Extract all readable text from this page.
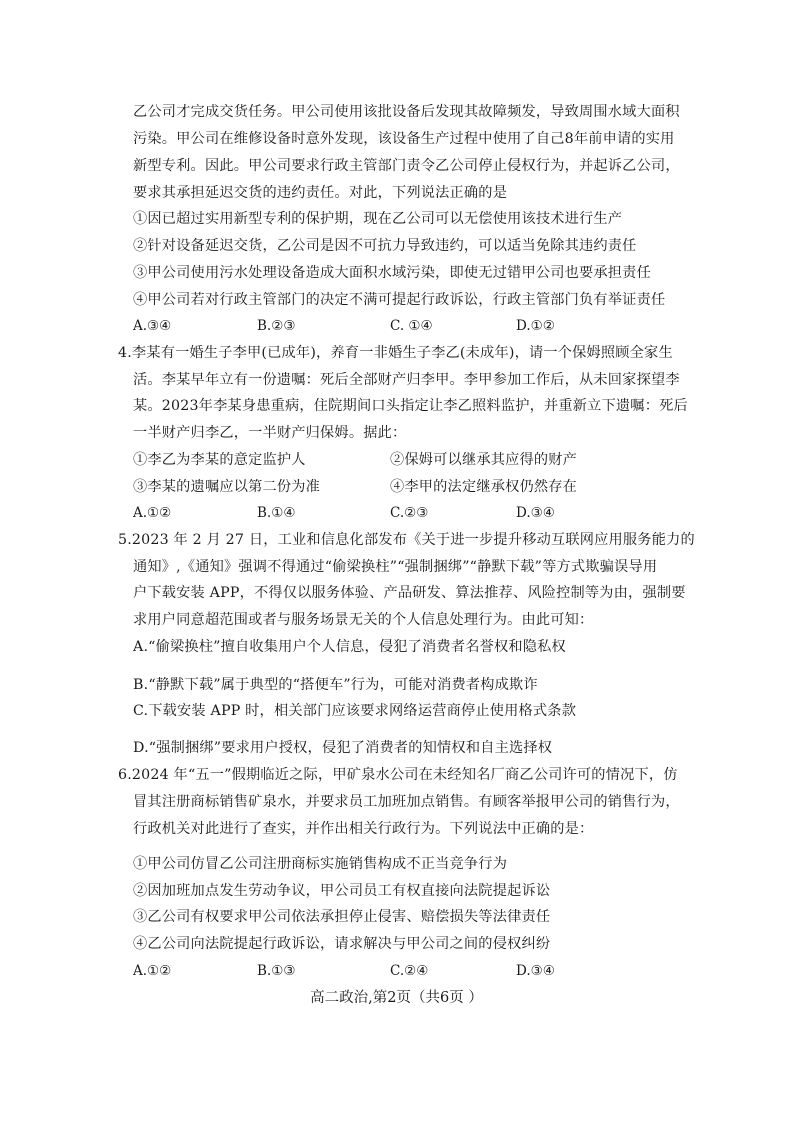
乙公司才完成交货任务。甲公司使用该批设备后发现其故障频发，导致周围水域大面积
污染。甲公司在维修设备时意外发现，该设备生产过程中使用了自己8年前申请的实用
新型专利。因此。甲公司要求行政主管部门责令乙公司停止侵权行为，并起诉乙公司，
要求其承担延迟交货的违约责任。对此，下列说法正确的是
①因已超过实用新型专利的保护期，现在乙公司可以无偿使用该技术进行生产
②针对设备延迟交货，乙公司是因不可抗力导致违约，可以适当免除其违约责任
③甲公司使用污水处理设备造成大面积水域污染，即使无过错甲公司也要承担责任
④甲公司若对行政主管部门的决定不满可提起行政诉讼，行政主管部门负有举证责任
A.③④	B.②③	C. ①④	D.①②
4.李某有一婚生子李甲(已成年)，养育一非婚生子李乙(未成年)，请一个保姆照顾全家生
活。李某早年立有一份遗嘱：死后全部财产归李甲。李甲参加工作后，从未回家探望李
某。2023年李某身患重病，住院期间口头指定让李乙照料监护，并重新立下遗嘱：死后
一半财产归李乙，一半财产归保姆。据此：
①李乙为李某的意定监护人	②保姆可以继承其应得的财产
③李某的遗嘱应以第二份为准	④李甲的法定继承权仍然存在
A.①②	B.①④	C.②③	D.③④
5.2023 年 2 月 27 日，工业和信息化部发布《关于进一步提升移动互联网应用服务能力的
通知》,《通知》强调不得通过“偷梁换柱”“强制捆绑”“静默下载”等方式欺骗误导用
户下载安装 APP，不得仅以服务体验、产品研发、算法推荐、风险控制等为由，强制要
求用户同意超范围或者与服务场景无关的个人信息处理行为。由此可知：
A.“偷梁换柱”擅自收集用户个人信息，侵犯了消费者名誉权和隐私权
B.“静默下载”属于典型的“搭便车”行为，可能对消费者构成欺诈
C.下载安装 APP 时，相关部门应该要求网络运营商停止使用格式条款
D.“强制捆绑”要求用户授权，侵犯了消费者的知情权和自主选择权
6.2024 年“五一”假期临近之际，甲矿泉水公司在未经知名厂商乙公司许可的情况下，仿
冒其注册商标销售矿泉水，并要求员工加班加点销售。有顾客举报甲公司的销售行为，
行政机关对此进行了查实，并作出相关行政行为。下列说法中正确的是：
①甲公司仿冒乙公司注册商标实施销售构成不正当竞争行为
②因加班加点发生劳动争议，甲公司员工有权直接向法院提起诉讼
③乙公司有权要求甲公司依法承担停止侵害、赔偿损失等法律责任
④乙公司向法院提起行政诉讼，请求解决与甲公司之间的侵权纠纷
A.①②	B.①③	C.②④	D.③④
高二政治,第2页（共6页 ）
